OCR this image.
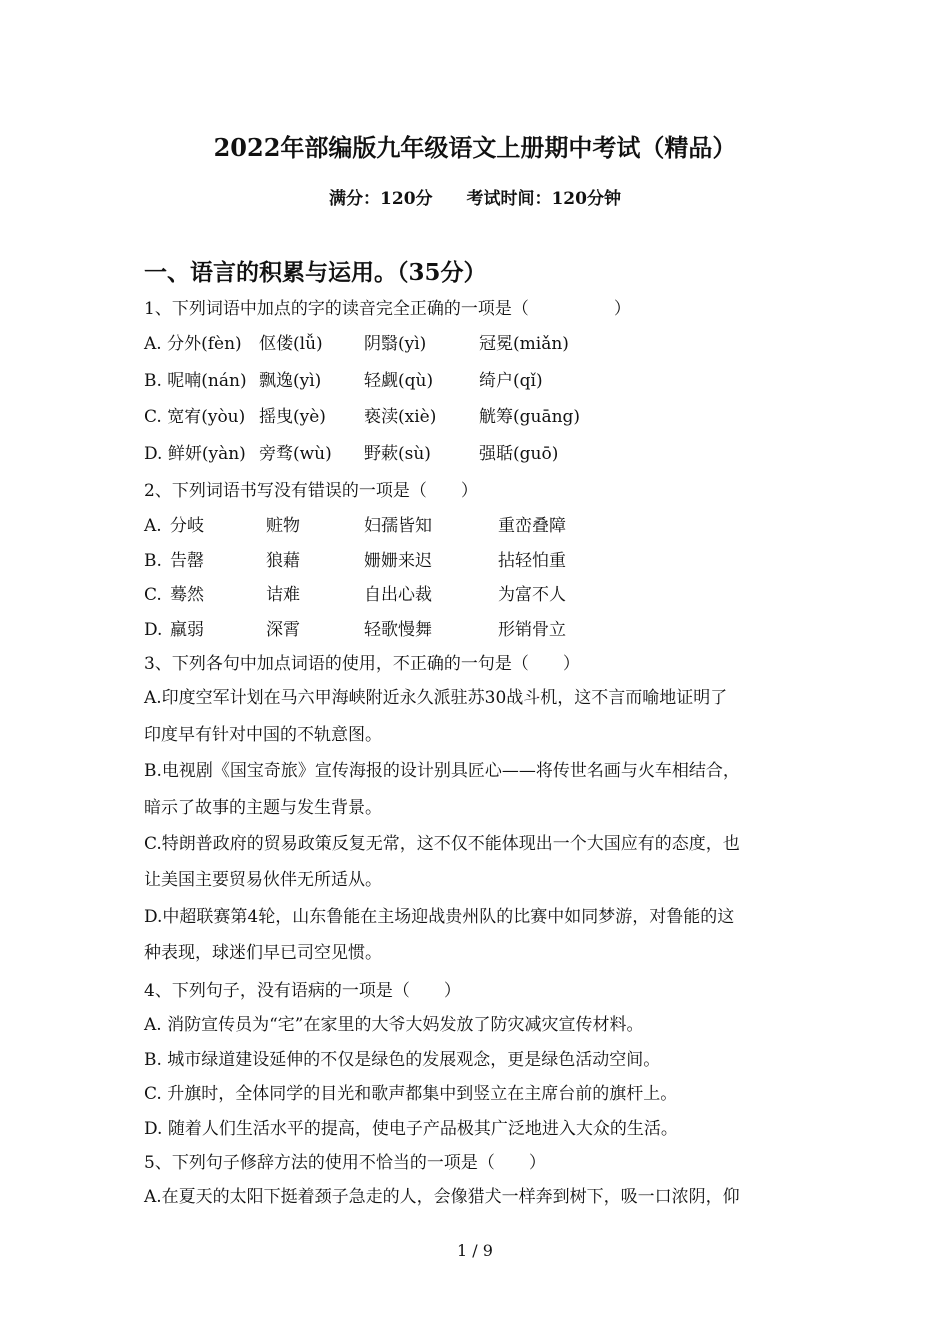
2022年部编版九年级语文上册期中考试（精品）
满分：120分 考试时间：120分钟
一、语言的积累与运用。（35分）
1、下列词语中加点的字的读音完全正确的一项是（　　　　　）
A. 分外(fèn) 伛偻(lǚ) 阴翳(yì)	冠冕(miǎn)
B. 呢喃(nán) 飘逸(yì)	轻觑(qù)	绮户(qǐ)
C. 宽宥(yòu) 摇曳(yè) 亵渎(xiè)	觥筹(guāng)
D. 鲜妍(yàn) 旁骛(wù) 野蔌(sù)	强聒(guō)
2、下列词语书写没有错误的一项是（　　）
A. 分岐	赃物	妇孺皆知	重峦叠障
B. 告罄	狼藉	姗姗来迟	拈轻怕重
C. 蓦然	诘难	自出心裁	为富不人
D. 羸弱	深霄	轻歌慢舞	形销骨立
3、下列各句中加点词语的使用，不正确的一句是（　　）
A.印度空军计划在马六甲海峡附近永久派驻苏30战斗机，这不言而喻地证明了
印度早有针对中国的不轨意图。
B.电视剧《国宝奇旅》宣传海报的设计别具匠心——将传世名画与火车相结合，
暗示了故事的主题与发生背景。
C.特朗普政府的贸易政策反复无常，这不仅不能体现出一个大国应有的态度，也
让美国主要贸易伙伴无所适从。
D.中超联赛第4轮，山东鲁能在主场迎战贵州队的比赛中如同梦游，对鲁能的这
种表现，球迷们早已司空见惯。
4、下列句子，没有语病的一项是（　　）
A. 消防宣传员为“宅”在家里的大爷大妈发放了防灾减灾宣传材料。
B. 城市绿道建设延伸的不仅是绿色的发展观念，更是绿色活动空间。
C. 升旗时，全体同学的目光和歌声都集中到竖立在主席台前的旗杆上。
D. 随着人们生活水平的提高，使电子产品极其广泛地进入大众的生活。
5、下列句子修辞方法的使用不恰当的一项是（　　）
A.在夏天的太阳下挺着颈子急走的人，会像猎犬一样奔到树下，吸一口浓阴，仰
1 / 9
